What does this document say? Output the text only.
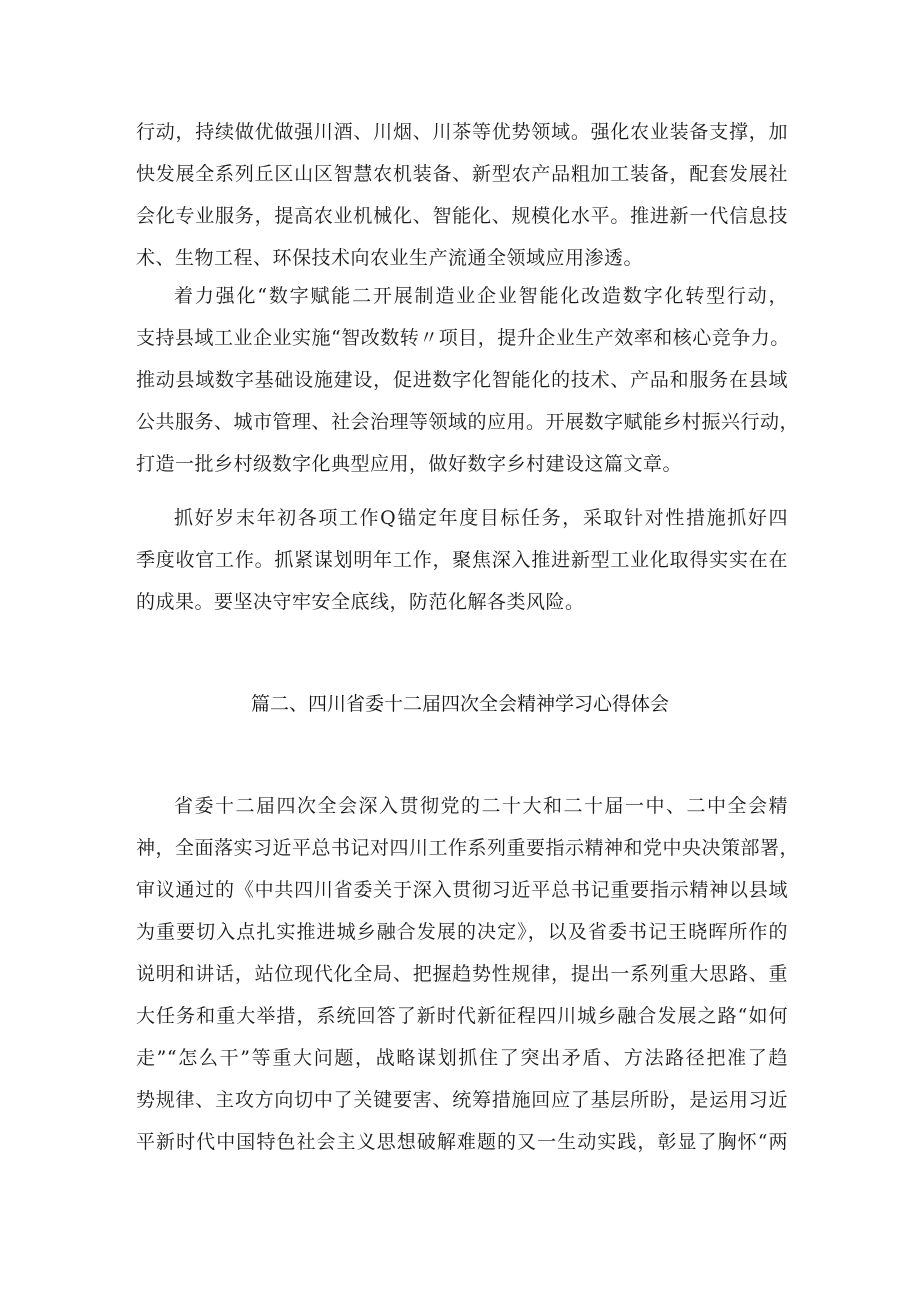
行动，持续做优做强川酒、川烟、川茶等优势领域。强化农业装备支撑，加
快发展全系列丘区山区智慧农机装备、新型农产品粗加工装备，配套发展社
会化专业服务，提高农业机械化、智能化、规模化水平。推进新一代信息技
术、生物工程、环保技术向农业生产流通全领域应用渗透。
着力强化“数字赋能二开展制造业企业智能化改造数字化转型行动，
支持县域工业企业实施“智改数转〃项目，提升企业生产效率和核心竞争力。
推动县域数字基础设施建设，促进数字化智能化的技术、产品和服务在县域
公共服务、城市管理、社会治理等领域的应用。开展数字赋能乡村振兴行动，
打造一批乡村级数字化典型应用，做好数字乡村建设这篇文章。
抓好岁末年初各项工作Q锚定年度目标任务，采取针对性措施抓好四
季度收官工作。抓紧谋划明年工作，聚焦深入推进新型工业化取得实实在在
的成果。要坚决守牢安全底线，防范化解各类风险。
篇二、四川省委十二届四次全会精神学习心得体会
省委十二届四次全会深入贯彻党的二十大和二十届一中、二中全会精
神，全面落实习近平总书记对四川工作系列重要指示精神和党中央决策部署，
审议通过的《中共四川省委关于深入贯彻习近平总书记重要指示精神以县域
为重要切入点扎实推进城乡融合发展的决定》，以及省委书记王晓晖所作的
说明和讲话，站位现代化全局、把握趋势性规律，提出一系列重大思路、重
大任务和重大举措，系统回答了新时代新征程四川城乡融合发展之路“如何
走”“怎么干”等重大问题，战略谋划抓住了突出矛盾、方法路径把准了趋
势规律、主攻方向切中了关键要害、统筹措施回应了基层所盼，是运用习近
平新时代中国特色社会主义思想破解难题的又一生动实践，彰显了胸怀“两
